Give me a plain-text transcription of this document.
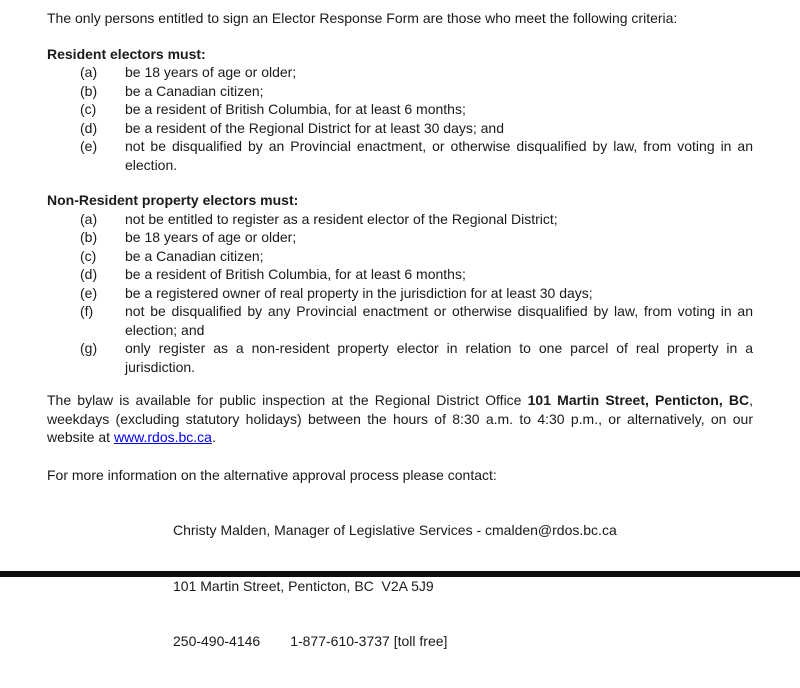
The only persons entitled to sign an Elector Response Form are those who meet the following criteria:

Resident electors must:

(a)	be 18 years of age or older;
(b)	be a Canadian citizen;
(c)	be a resident of British Columbia, for at least 6 months;
(d)	be a resident of the Regional District for at least 30 days; and
(e)	not be disqualified by an Provincial enactment, or otherwise disqualified by law, from voting in an election.

Non-Resident property electors must:

(a)	not be entitled to register as a resident elector of the Regional District;
(b)	be 18 years of age or older;
(c)	be a Canadian citizen;
(d)	be a resident of British Columbia, for at least 6 months;
(e)	be a registered owner of real property in the jurisdiction for at least 30 days;
(f)	not be disqualified by any Provincial enactment or otherwise disqualified by law, from voting in an election; and
(g)	only register as a non-resident property elector in relation to one parcel of real property in a jurisdiction.

The bylaw is available for public inspection at the Regional District Office 101 Martin Street, Penticton, BC, weekdays (excluding statutory holidays) between the hours of 8:30 a.m. to 4:30 p.m., or alternatively, on our website at www.rdos.bc.ca.

For more information on the alternative approval process please contact:

Christy Malden, Manager of Legislative Services - cmalden@rdos.bc.ca

101 Martin Street, Penticton, BC  V2A 5J9

250-490-4146 1-877-610-3737 [toll free]
